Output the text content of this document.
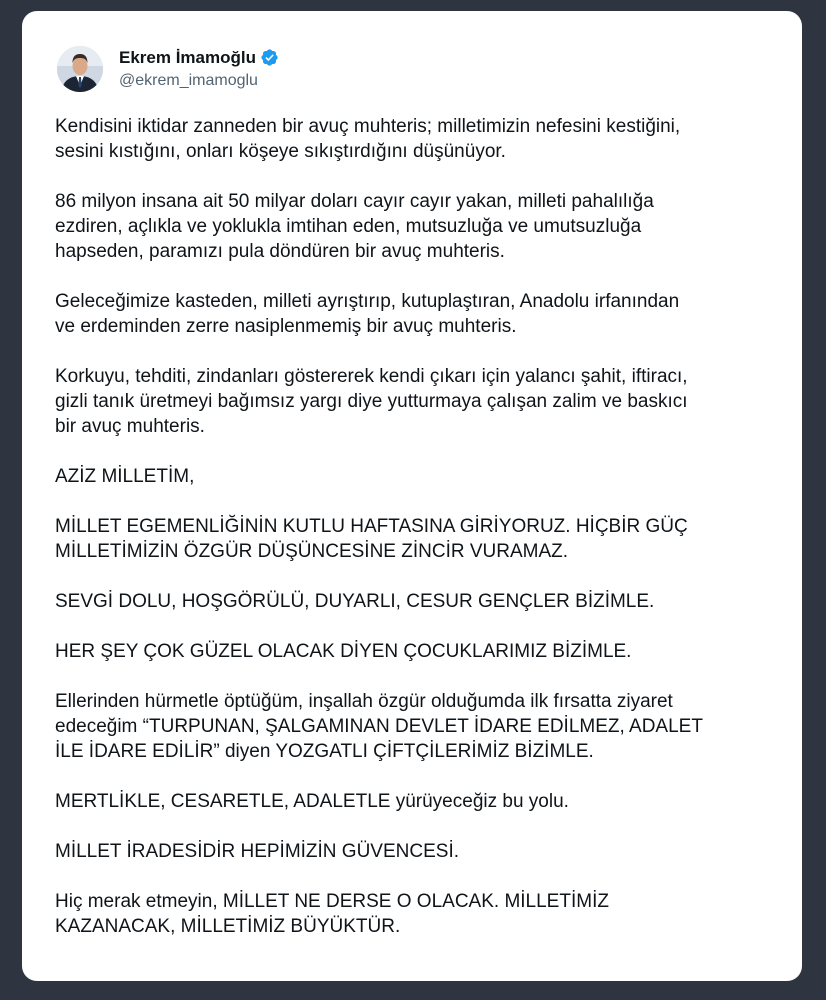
Ekrem İmamoğlu
@ekrem_imamoglu

Kendisini iktidar zanneden bir avuç muhteris; milletimizin nefesini kestiğini,
sesini kıstığını, onları köşeye sıkıştırdığını düşünüyor.

86 milyon insana ait 50 milyar doları cayır cayır yakan, milleti pahalılığa
ezdiren, açlıkla ve yoklukla imtihan eden, mutsuzluğa ve umutsuzluğa
hapseden, paramızı pula döndüren bir avuç muhteris.

Geleceğimize kasteden, milleti ayrıştırıp, kutuplaştıran, Anadolu irfanından
ve erdeminden zerre nasiplenmemiş bir avuç muhteris.

Korkuyu, tehditi, zindanları göstererek kendi çıkarı için yalancı şahit, iftiracı,
gizli tanık üretmeyi bağımsız yargı diye yutturmaya çalışan zalim ve baskıcı
bir avuç muhteris.

AZİZ MİLLETİM,

MİLLET EGEMENLİĞİNİN KUTLU HAFTASINA GİRİYORUZ. HİÇBİR GÜÇ
MİLLETİMİZİN ÖZGÜR DÜŞÜNCESİNE ZİNCİR VURAMAZ.

SEVGİ DOLU, HOŞGÖRÜLÜ, DUYARLI, CESUR GENÇLER BİZİMLE.

HER ŞEY ÇOK GÜZEL OLACAK DİYEN ÇOCUKLARIMIZ BİZİMLE.

Ellerinden hürmetle öptüğüm, inşallah özgür olduğumda ilk fırsatta ziyaret
edeceğim “TURPUNAN, ŞALGAMINAN DEVLET İDARE EDİLMEZ, ADALET
İLE İDARE EDİLİR” diyen YOZGATLI ÇİFTÇİLERİMİZ BİZİMLE.

MERTLİKLE, CESARETLE, ADALETLE yürüyeceğiz bu yolu.

MİLLET İRADESİDİR HEPİMİZİN GÜVENCESİ.

Hiç merak etmeyin, MİLLET NE DERSE O OLACAK. MİLLETİMİZ
KAZANACAK, MİLLETİMİZ BÜYÜKTÜR.
